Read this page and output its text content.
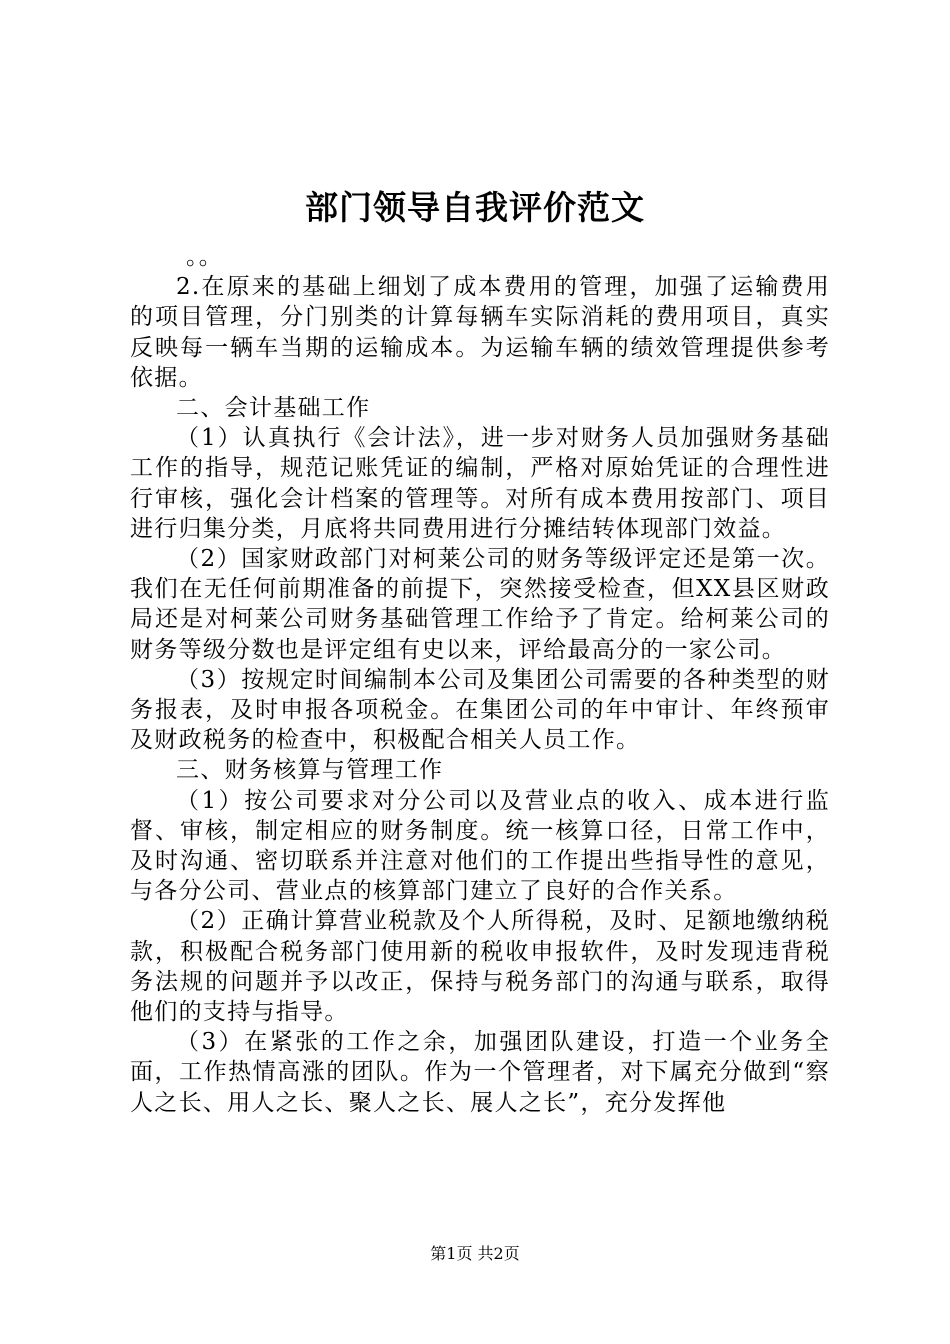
部门领导自我评价范文

。。

2.在原来的基础上细划了成本费用的管理，加强了运输费用的项目管理，分门别类的计算每辆车实际消耗的费用项目，真实反映每一辆车当期的运输成本。为运输车辆的绩效管理提供参考依据。

二、会计基础工作

（1）认真执行《会计法》，进一步对财务人员加强财务基础工作的指导，规范记账凭证的编制，严格对原始凭证的合理性进行审核，强化会计档案的管理等。对所有成本费用按部门、项目进行归集分类，月底将共同费用进行分摊结转体现部门效益。

（2）国家财政部门对柯莱公司的财务等级评定还是第一次。我们在无任何前期准备的前提下，突然接受检查，但XX县区财政局还是对柯莱公司财务基础管理工作给予了肯定。给柯莱公司的财务等级分数也是评定组有史以来，评给最高分的一家公司。

（3）按规定时间编制本公司及集团公司需要的各种类型的财务报表，及时申报各项税金。在集团公司的年中审计、年终预审及财政税务的检查中，积极配合相关人员工作。

三、财务核算与管理工作

（1）按公司要求对分公司以及营业点的收入、成本进行监督、审核，制定相应的财务制度。统一核算口径，日常工作中，及时沟通、密切联系并注意对他们的工作提出些指导性的意见，与各分公司、营业点的核算部门建立了良好的合作关系。

（2）正确计算营业税款及个人所得税，及时、足额地缴纳税款，积极配合税务部门使用新的税收申报软件，及时发现违背税务法规的问题并予以改正，保持与税务部门的沟通与联系，取得他们的支持与指导。

（3）在紧张的工作之余，加强团队建设，打造一个业务全面，工作热情高涨的团队。作为一个管理者，对下属充分做到“察人之长、用人之长、聚人之长、展人之长”，充分发挥他

第1页 共2页
